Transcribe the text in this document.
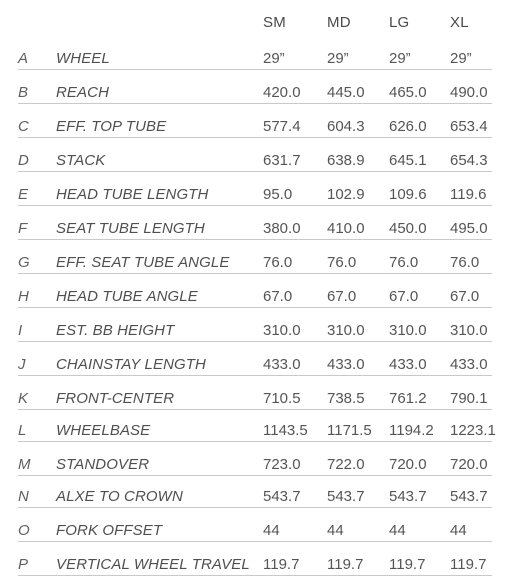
SM	MD	LG	XL
A WHEEL	29”	29”	29”	29”
B REACH	420.0 445.0 465.0 490.0
C EFF. TOP TUBE	577.4 604.3 626.0 653.4
D STACK	631.7 638.9 645.1 654.3
E HEAD TUBE LENGTH	95.0 102.9 109.6 119.6
F SEAT TUBE LENGTH	380.0 410.0 450.0 495.0
G EFF. SEAT TUBE ANGLE 76.0 76.0 76.0 76.0
H HEAD TUBE ANGLE	67.0 67.0 67.0 67.0
I EST. BB HEIGHT	310.0 310.0 310.0 310.0
J CHAINSTAY LENGTH	433.0 433.0 433.0 433.0
K FRONT-CENTER	710.5 738.5 761.2 790.1
L WHEELBASE	1143.5 1171.5 1194.2 1223.1
M STANDOVER	723.0 722.0 720.0 720.0
N ALXE TO CROWN	543.7 543.7 543.7 543.7
O FORK OFFSET	44	44	44	44
P VERTICAL WHEEL TRAVEL 119.7 119.7 119.7 119.7
